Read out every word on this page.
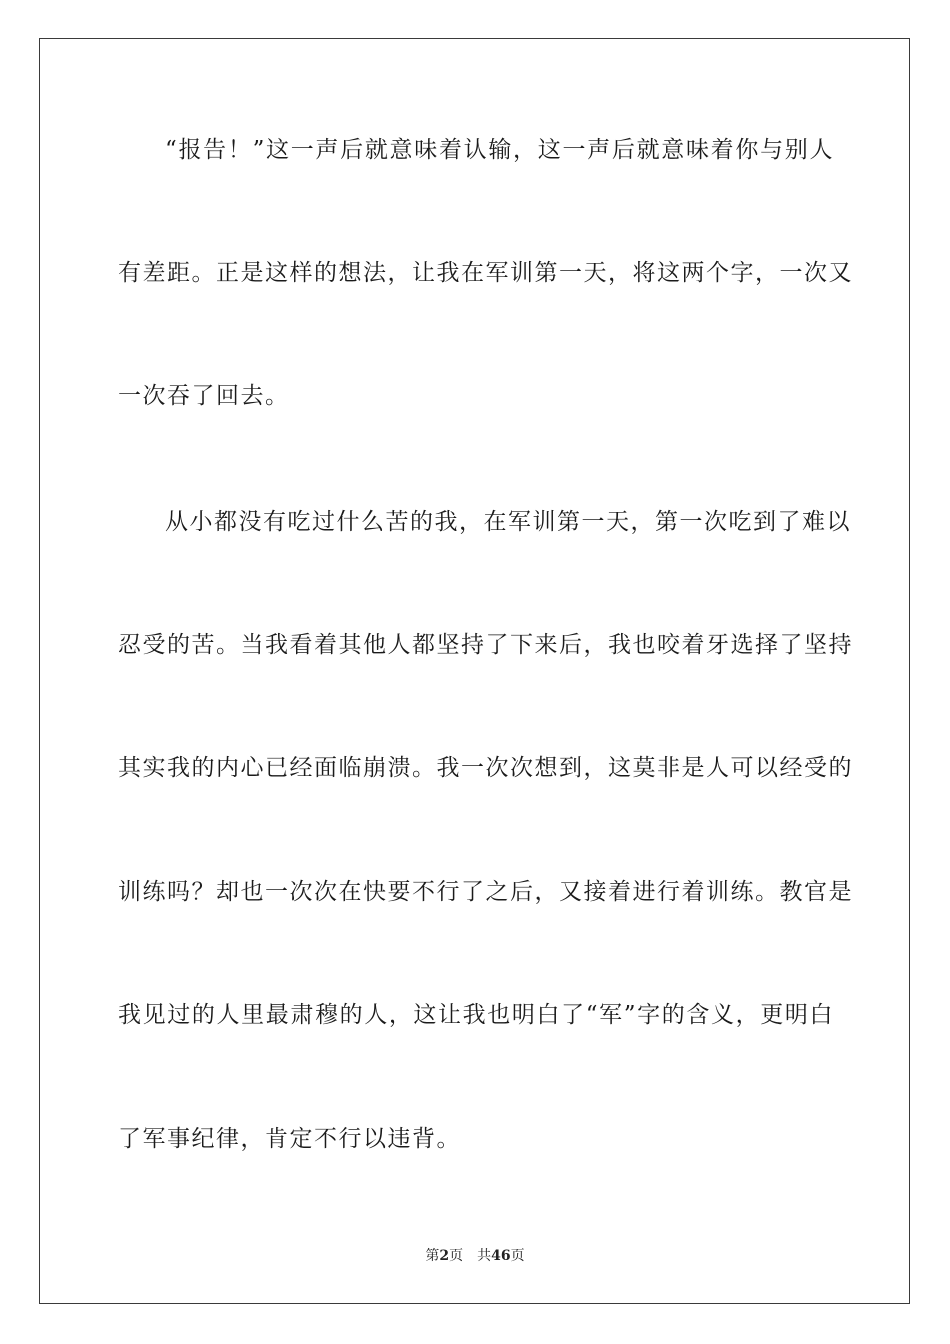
“报告！”这一声后就意味着认输，这一声后就意味着你与别人
有差距。正是这样的想法，让我在军训第一天，将这两个字，一次又
一次吞了回去。
从小都没有吃过什么苦的我，在军训第一天，第一次吃到了难以
忍受的苦。当我看着其他人都坚持了下来后，我也咬着牙选择了坚持
其实我的内心已经面临崩溃。我一次次想到，这莫非是人可以经受的
训练吗？却也一次次在快要不行了之后，又接着进行着训练。教官是
我见过的人里最肃穆的人，这让我也明白了“军”字的含义，更明白
了军事纪律，肯定不行以违背。
第2页 共46页
